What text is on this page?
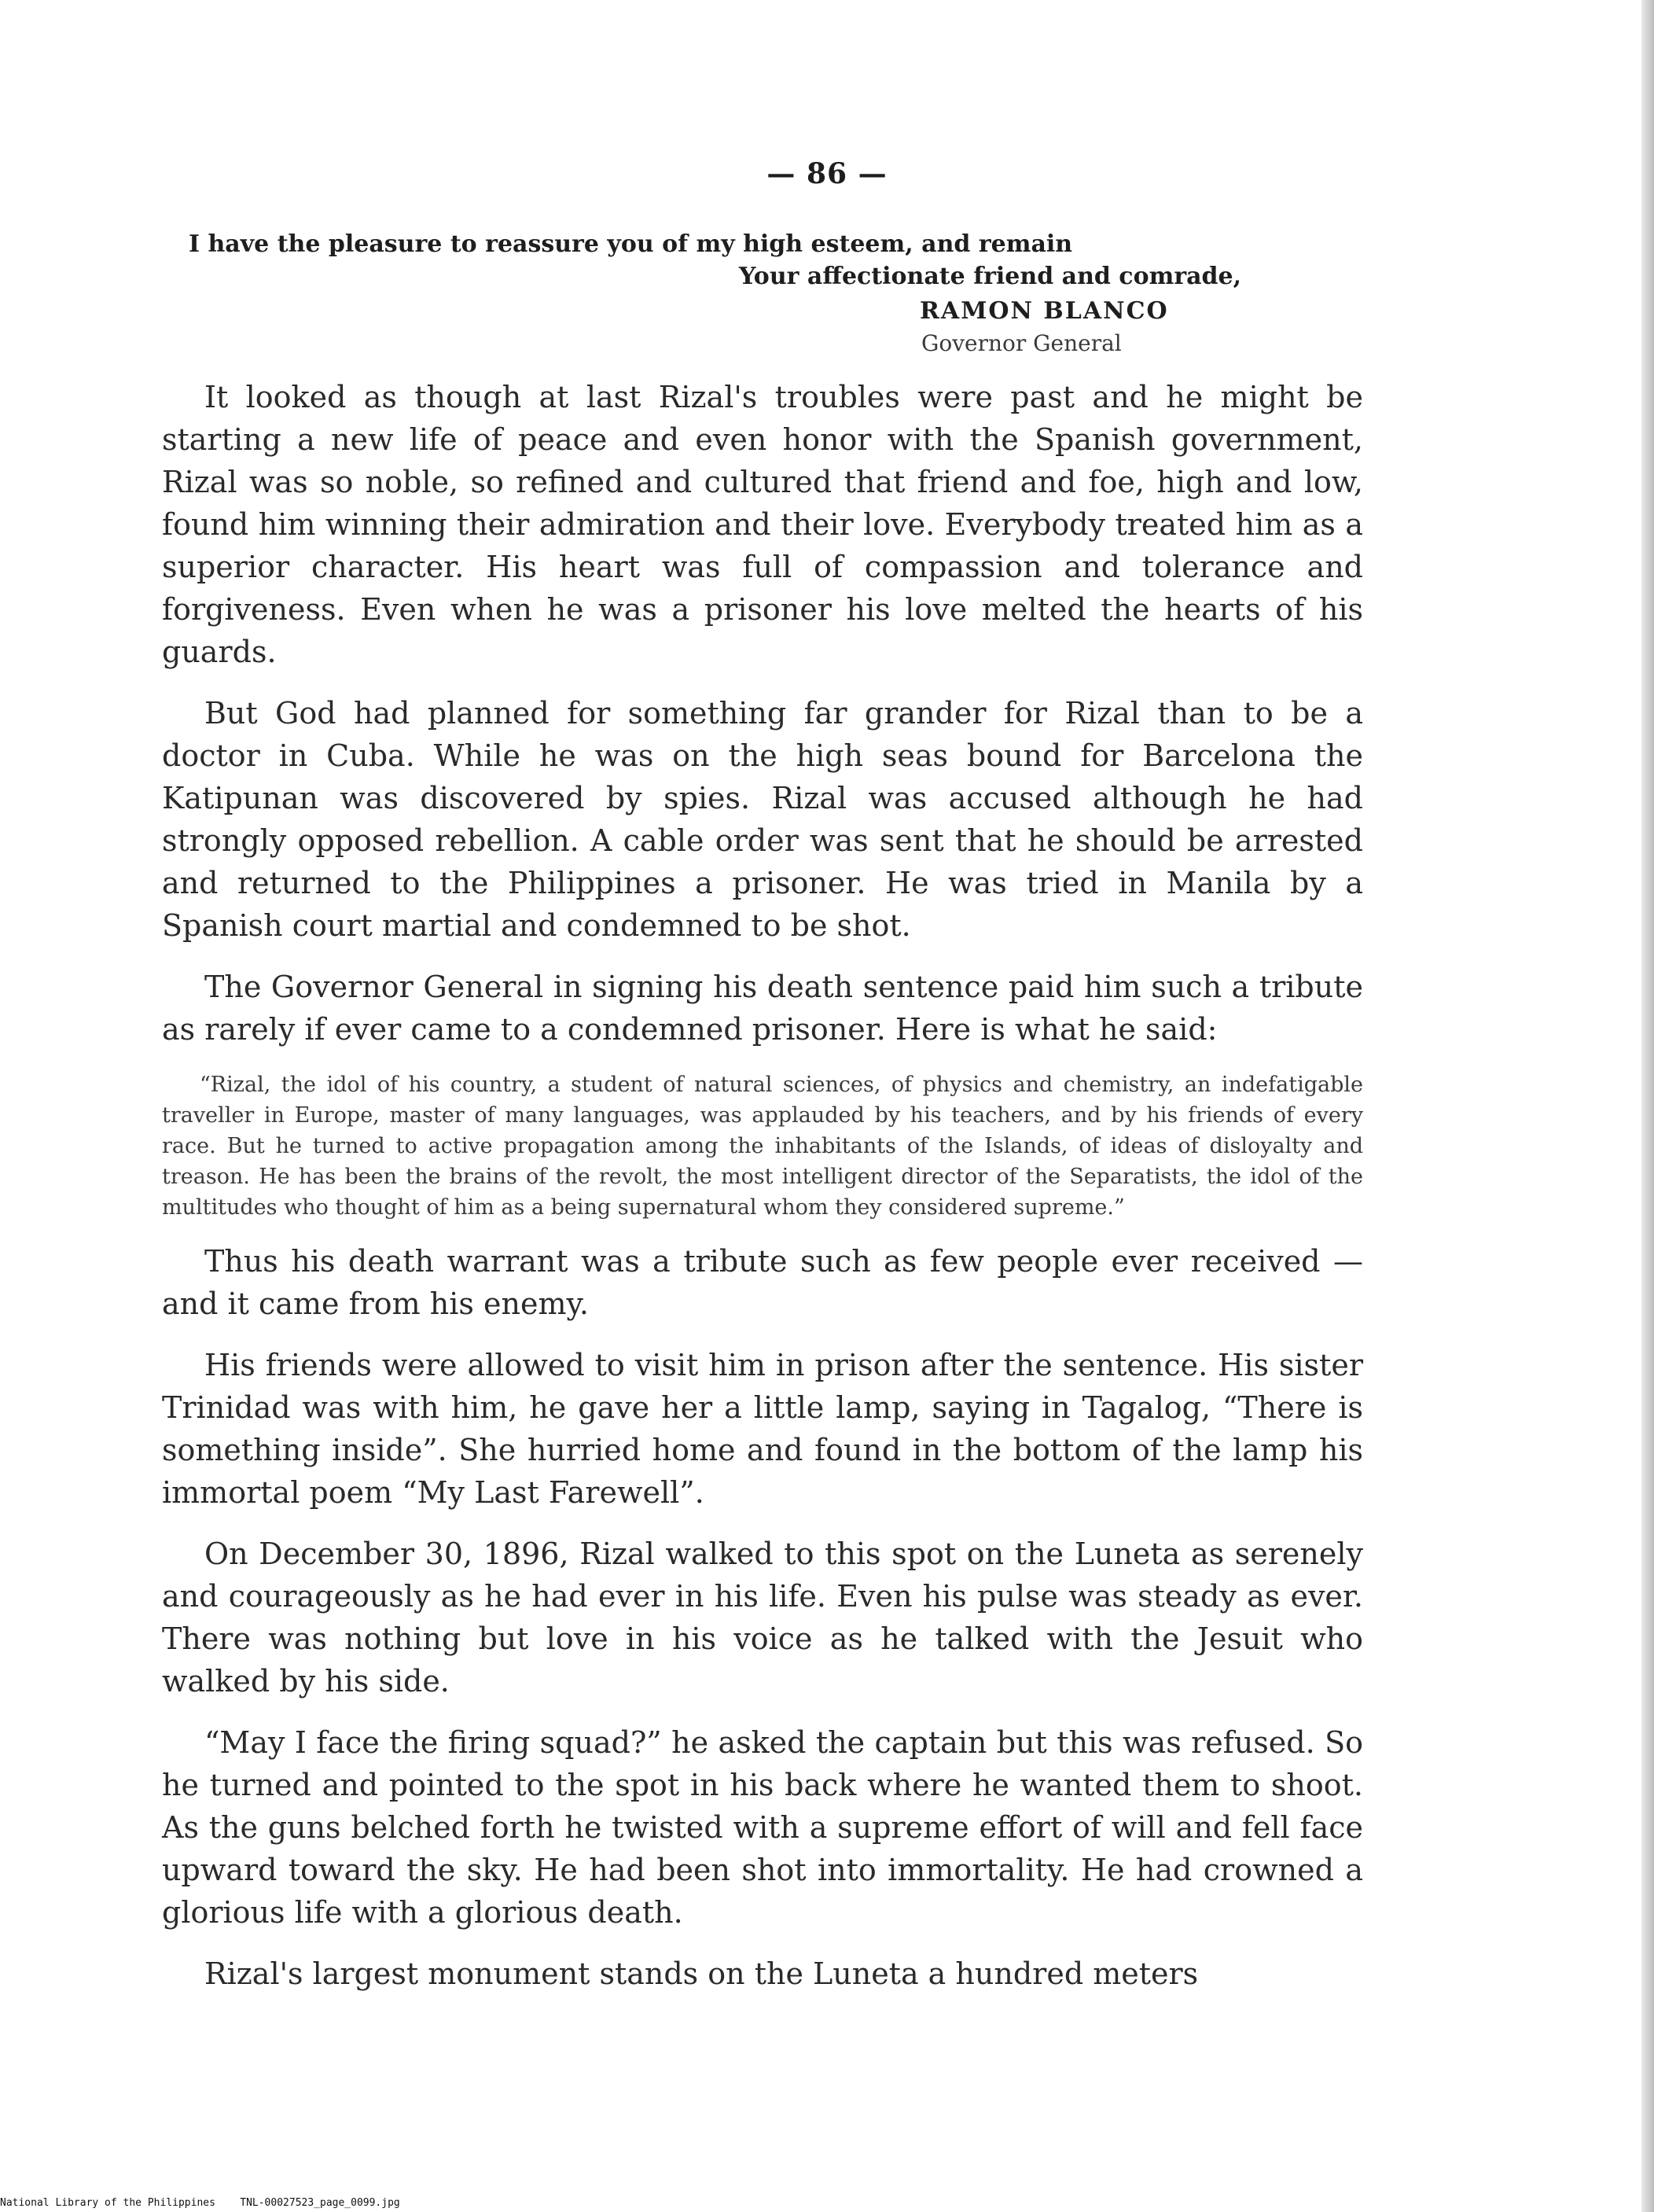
— 86 —
I have the pleasure to reassure you of my high esteem, and remain
Your affectionate friend and comrade,
RAMON BLANCO
Governor General

It looked as though at last Rizal's troubles were past and he might be starting a new life of peace and even honor with the Spanish government, Rizal was so noble, so refined and cultured that friend and foe, high and low, found him winning their admiration and their love. Everybody treated him as a superior character. His heart was full of compassion and tolerance and forgiveness. Even when he was a prisoner his love melted the hearts of his guards.

But God had planned for something far grander for Rizal than to be a doctor in Cuba. While he was on the high seas bound for Barcelona the Katipunan was discovered by spies. Rizal was accused although he had strongly opposed rebellion. A cable order was sent that he should be arrested and returned to the Philippines a prisoner. He was tried in Manila by a Spanish court martial and condemned to be shot.

The Governor General in signing his death sentence paid him such a tribute as rarely if ever came to a condemned prisoner. Here is what he said:

“Rizal, the idol of his country, a student of natural sciences, of physics and chemistry, an indefatigable traveller in Europe, master of many languages, was applauded by his teachers, and by his friends of every race. But he turned to active propagation among the inhabitants of the Islands, of ideas of disloyalty and treason. He has been the brains of the revolt, the most intelligent director of the Separatists, the idol of the multitudes who thought of him as a being supernatural whom they considered supreme.”

Thus his death warrant was a tribute such as few people ever received — and it came from his enemy.

His friends were allowed to visit him in prison after the sentence. His sister Trinidad was with him, he gave her a little lamp, saying in Tagalog, “There is something inside”. She hurried home and found in the bottom of the lamp his immortal poem “My Last Farewell”.

On December 30, 1896, Rizal walked to this spot on the Luneta as serenely and courageously as he had ever in his life. Even his pulse was steady as ever. There was nothing but love in his voice as he talked with the Jesuit who walked by his side.

“May I face the firing squad?” he asked the captain but this was refused. So he turned and pointed to the spot in his back where he wanted them to shoot. As the guns belched forth he twisted with a supreme effort of will and fell face upward toward the sky. He had been shot into immortality. He had crowned a glorious life with a glorious death.

Rizal's largest monument stands on the Luneta a hundred meters

National Library of the Philippines TNL-00027523_page_0099.jpg
